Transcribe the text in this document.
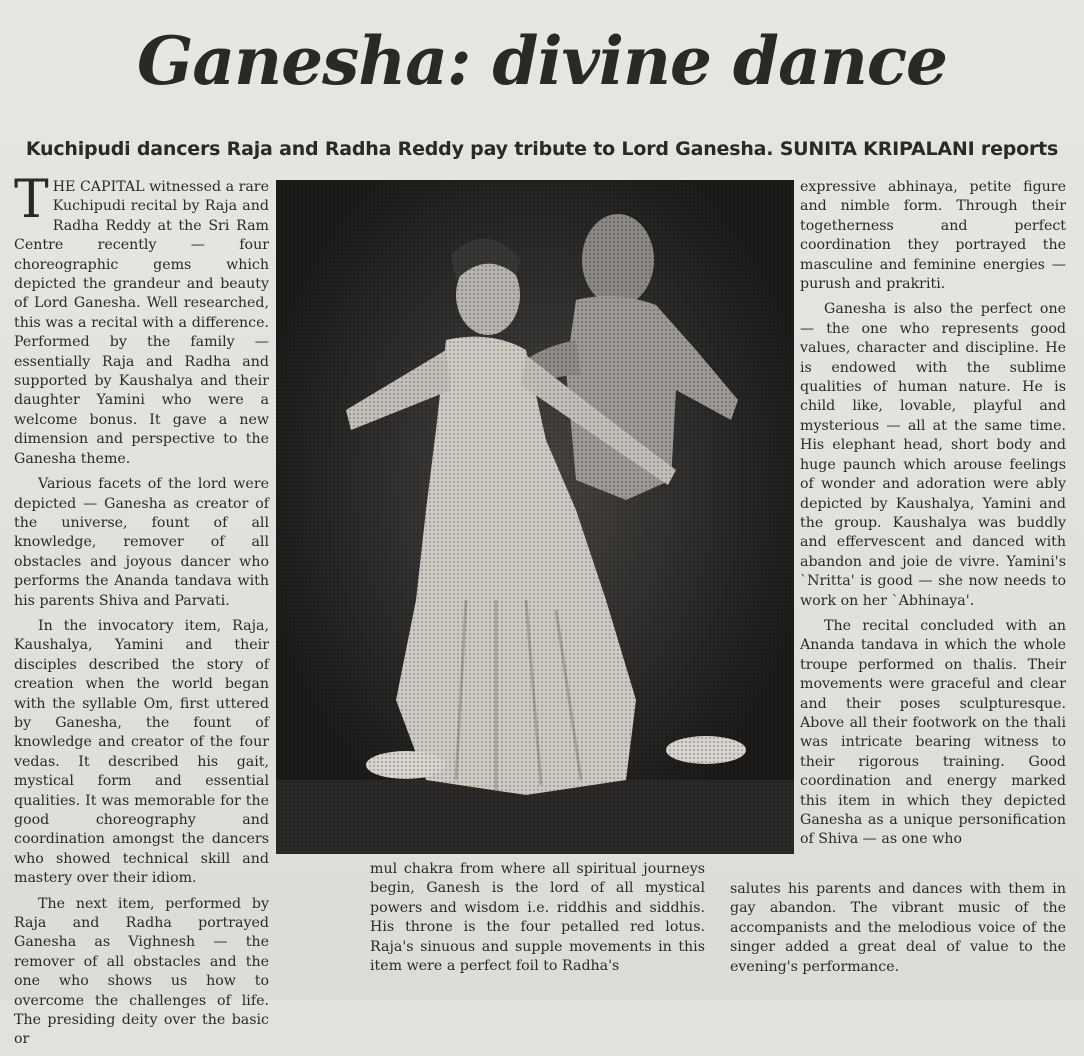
Ganesha: divine dance
Kuchipudi dancers Raja and Radha Reddy pay tribute to Lord Ganesha. SUNITA KRIPALANI reports

THE CAPITAL witnessed a rare Kuchipudi recital by Raja and Radha Reddy at the Sri Ram Centre recently — four choreographic gems which depicted the grandeur and beauty of Lord Ganesha. Well researched, this was a recital with a difference. Performed by the family — essentially Raja and Radha and supported by Kaushalya and their daughter Yamini who were a welcome bonus. It gave a new dimension and perspective to the Ganesha theme.

Various facets of the lord were depicted — Ganesha as creator of the universe, fount of all knowledge, remover of all obstacles and joyous dancer who performs the Ananda tandava with his parents Shiva and Parvati.

In the invocatory item, Raja, Kaushalya, Yamini and their disciples described the story of creation when the world began with the syllable Om, first uttered by Ganesha, the fount of knowledge and creator of the four vedas. It described his gait, mystical form and essential qualities. It was memorable for the good choreography and coordination amongst the dancers who showed technical skill and mastery over their idiom.

The next item, performed by Raja and Radha portrayed Ganesha as Vighnesh — the remover of all obstacles and the one who shows us how to overcome the challenges of life. The presiding deity over the basic or

mul chakra from where all spiritual journeys begin, Ganesh is the lord of all mystical powers and wisdom i.e. riddhis and siddhis. His throne is the four petalled red lotus. Raja's sinuous and supple movements in this item were a perfect foil to Radha's

expressive abhinaya, petite figure and nimble form. Through their togetherness and perfect coordination they portrayed the masculine and feminine energies — purush and prakriti.

Ganesha is also the perfect one — the one who represents good values, character and discipline. He is endowed with the sublime qualities of human nature. He is child like, lovable, playful and mysterious — all at the same time. His elephant head, short body and huge paunch which arouse feelings of wonder and adoration were ably depicted by Kaushalya, Yamini and the group. Kaushalya was buddly and effervescent and danced with abandon and joie de vivre. Yamini's `Nritta' is good — she now needs to work on her `Abhinaya'.

The recital concluded with an Ananda tandava in which the whole troupe performed on thalis. Their movements were graceful and clear and their poses sculpturesque. Above all their footwork on the thali was intricate bearing witness to their rigorous training. Good coordination and energy marked this item in which they depicted Ganesha as a unique personification of Shiva — as one who

salutes his parents and dances with them in gay abandon. The vibrant music of the accompanists and the melodious voice of the singer added a great deal of value to the evening's performance.
